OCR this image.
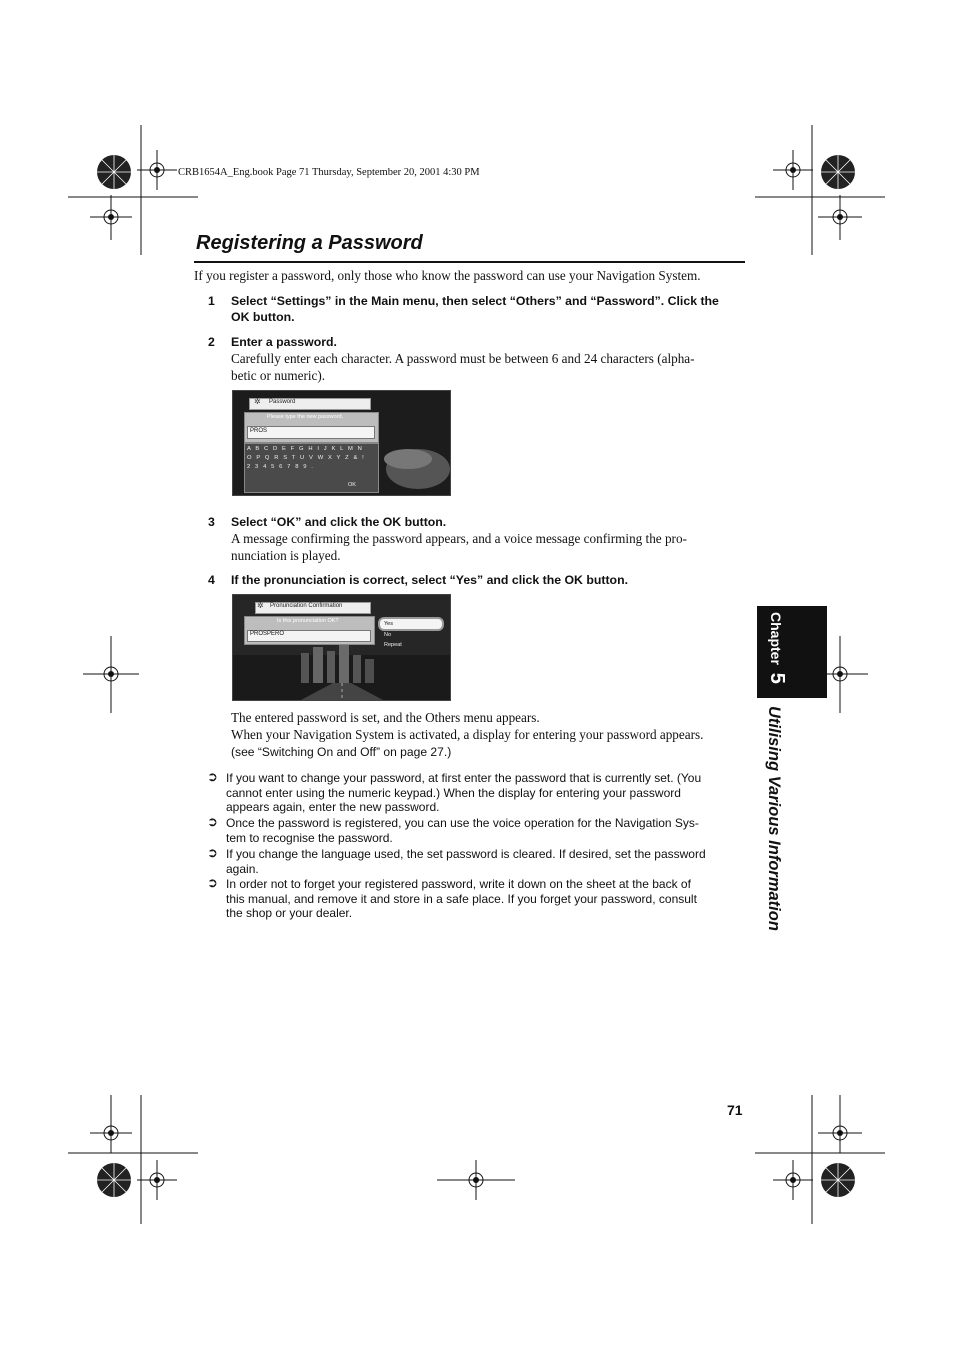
CRB1654A_Eng.book Page 71 Thursday, September 20, 2001 4:30 PM
Registering a Password
If you register a password, only those who know the password can use your Navigation System.
1 Select “Settings” in the Main menu, then select “Others” and “Password”. Click the
OK button.
2 Enter a password.
Carefully enter each character. A password must be between 6 and 24 characters (alpha-
betic or numeric).
✲ Password
Please type the new password.
PROS
A B C D E F G H I J K L M N
O P Q R S T U V W X Y Z & !
2 3 4 5 6 7 8 9 .
OK
3 Select “OK” and click the OK button.
A message confirming the password appears, and a voice message confirming the pro-
nunciation is played.
4 If the pronunciation is correct, select “Yes” and click the OK button.
✲ Pronunciation Confirmation
Is this pronunciation OK?
PROSPERO
Yes
No
Repeat
The entered password is set, and the Others menu appears.
When your Navigation System is activated, a display for entering your password appears.
(see “Switching On and Off” on page 27.)
➲ If you want to change your password, at first enter the password that is currently set. (You
cannot enter using the numeric keypad.) When the display for entering your password
appears again, enter the new password.
➲ Once the password is registered, you can use the voice operation for the Navigation Sys-
tem to recognise the password.
➲ If you change the language used, the set password is cleared. If desired, set the password
again.
➲ In order not to forget your registered password, write it down on the sheet at the back of
this manual, and remove it and store in a safe place. If you forget your password, consult
the shop or your dealer.
Chapter 5
Utilising Various Information
71
